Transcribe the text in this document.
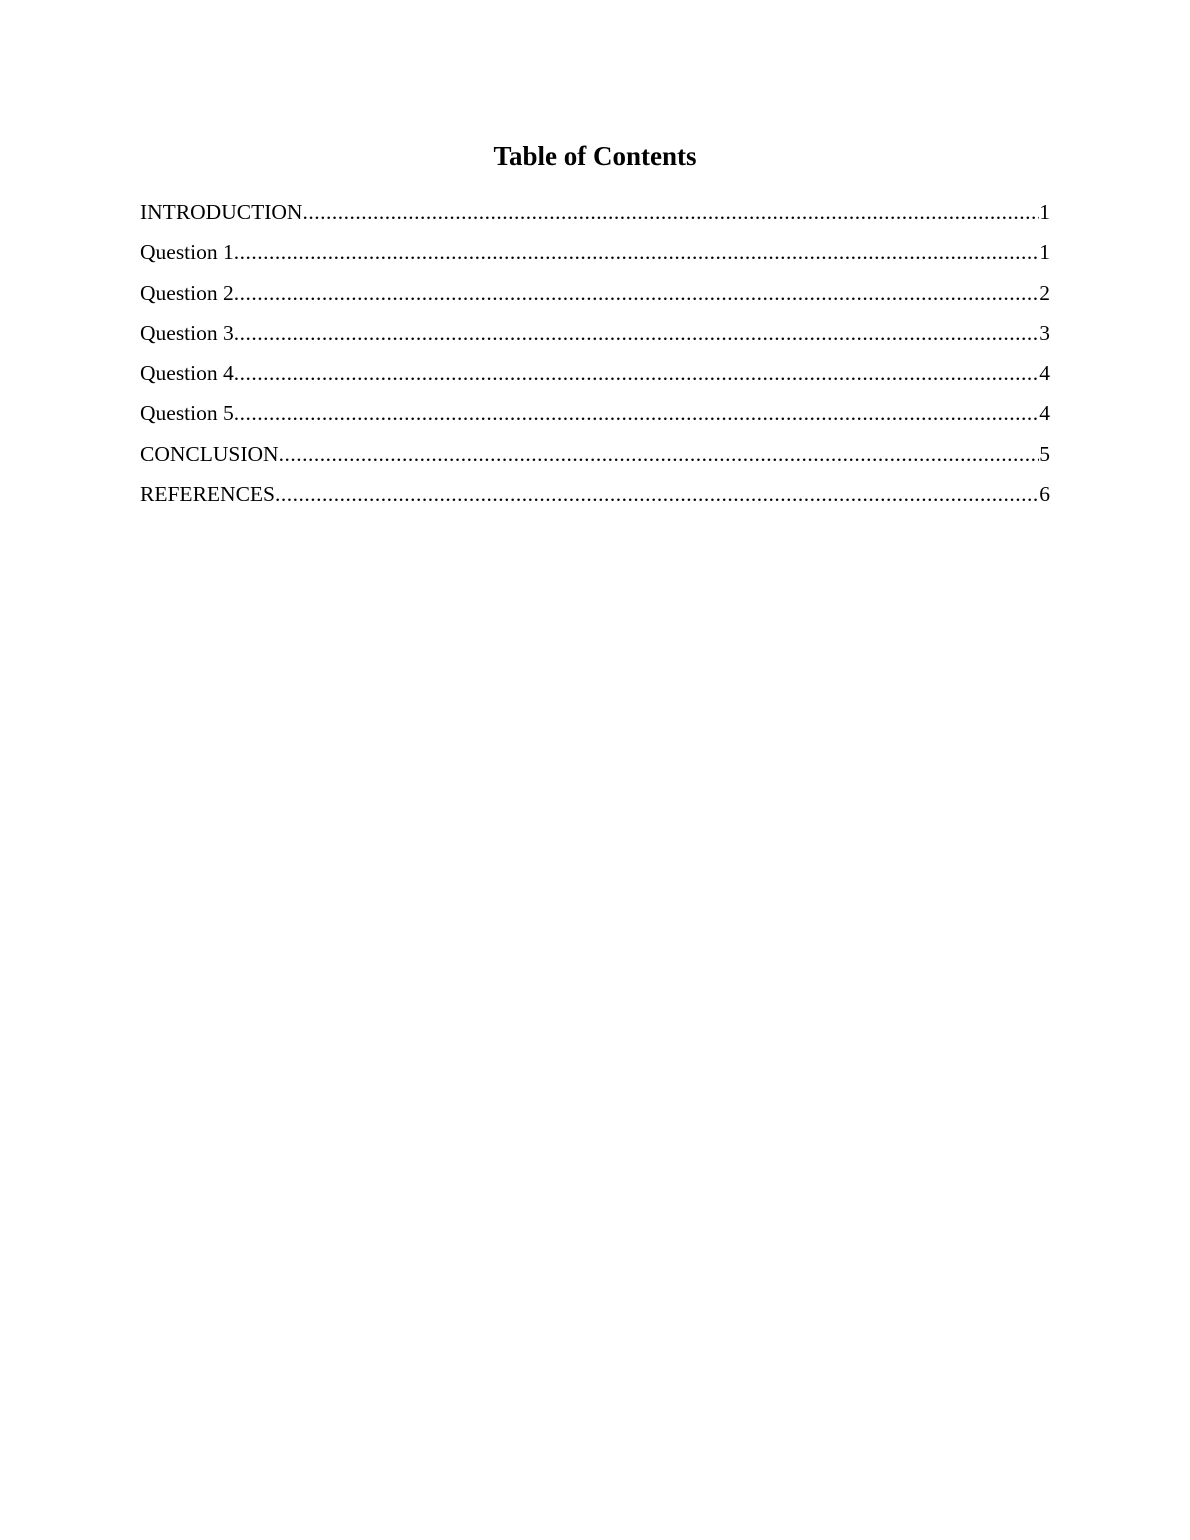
Table of Contents
INTRODUCTION .....	1
Question 1 .....	1
Question 2 .....	2
Question 3 .....	3
Question 4 .....	4
Question 5 .....	4
CONCLUSION .....	5
REFERENCES .....	6
